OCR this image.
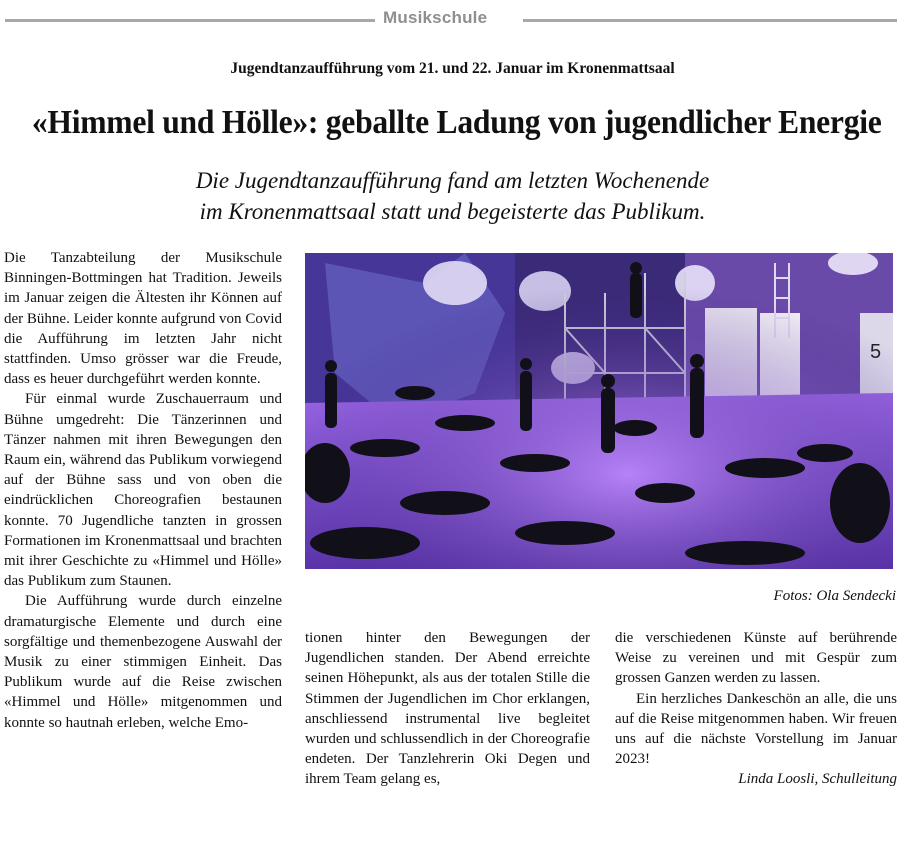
Musikschule
Jugendtanzaufführung vom 21. und 22. Januar im Kronenmattsaal
«Himmel und Hölle»: geballte Ladung von jugendlicher Energie
Die Jugendtanzaufführung fand am letzten Wochenende
im Kronenmattsaal statt und begeisterte das Publikum.

Die Tanzabteilung der Musikschule Binningen-Bottmingen hat Tradition. Jeweils im Januar zeigen die Ältesten ihr Können auf der Bühne. Leider konnte aufgrund von Covid die Aufführung im letzten Jahr nicht stattfinden. Umso grösser war die Freude, dass es heuer durchgeführt werden konnte.

Für einmal wurde Zuschauerraum und Bühne umgedreht: Die Tänzerinnen und Tänzer nahmen mit ihren Bewegungen den Raum ein, während das Publikum vorwiegend auf der Bühne sass und von oben die eindrücklichen Choreografien bestaunen konnte. 70 Jugendliche tanzten in grossen Formationen im Kronenmattsaal und brachten mit ihrer Geschichte zu «Himmel und Hölle» das Publikum zum Staunen.

Die Aufführung wurde durch einzelne dramaturgische Elemente und durch eine sorgfältige und themenbezogene Auswahl der Musik zu einer stimmigen Einheit. Das Publikum wurde auf die Reise zwischen «Himmel und Hölle» mitgenommen und konnte so hautnah erleben, welche Emo-

Fotos: Ola Sendecki

tionen hinter den Bewegungen der Jugendlichen standen. Der Abend erreichte seinen Höhepunkt, als aus der totalen Stille die Stimmen der Jugendlichen im Chor erklangen, anschliessend instrumental live begleitet wurden und schlussendlich in der Choreografie endeten. Der Tanzlehrerin Oki Degen und ihrem Team gelang es,

die verschiedenen Künste auf berührende Weise zu vereinen und mit Gespür zum grossen Ganzen werden zu lassen.

Ein herzliches Dankeschön an alle, die uns auf die Reise mitgenommen haben. Wir freuen uns auf die nächste Vorstellung im Januar 2023!

Linda Loosli, Schulleitung
